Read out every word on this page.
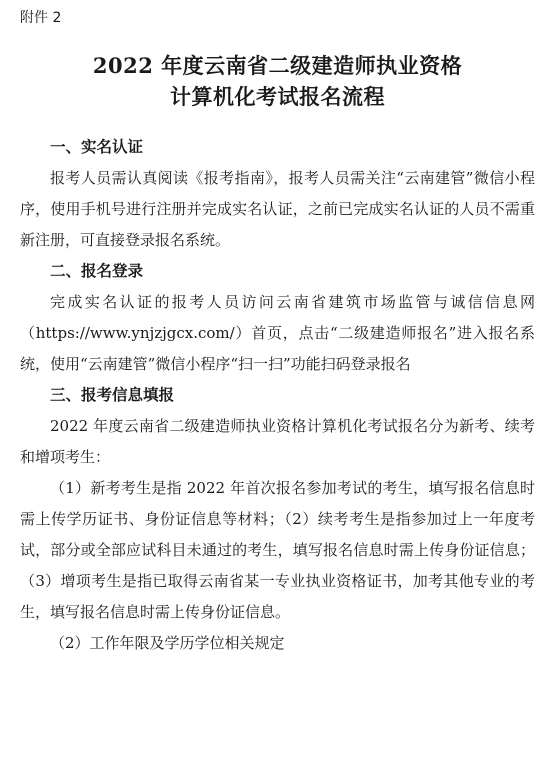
附件 2

2022 年度云南省二级建造师执业资格
计算机化考试报名流程
一、实名认证

报考人员需认真阅读《报考指南》，报考人员需关注“云南建管”微信小程序，使用手机号进行注册并完成实名认证，之前已完成实名认证的人员不需重新注册，可直接登录报名系统。

二、报名登录

完成实名认证的报考人员访问云南省建筑市场监管与诚信信息网（https://www.ynjzjgcx.com/）首页，点击“二级建造师报名”进入报名系统，使用“云南建管”微信小程序“扫一扫”功能扫码登录报名

三、报考信息填报

2022 年度云南省二级建造师执业资格计算机化考试报名分为新考、续考和增项考生：

（1）新考考生是指 2022 年首次报名参加考试的考生，填写报名信息时需上传学历证书、身份证信息等材料；（2）续考考生是指参加过上一年度考试，部分或全部应试科目未通过的考生，填写报名信息时需上传身份证信息；（3）增项考生是指已取得云南省某一专业执业资格证书，加考其他专业的考生，填写报名信息时需上传身份证信息。

（2）工作年限及学历学位相关规定
